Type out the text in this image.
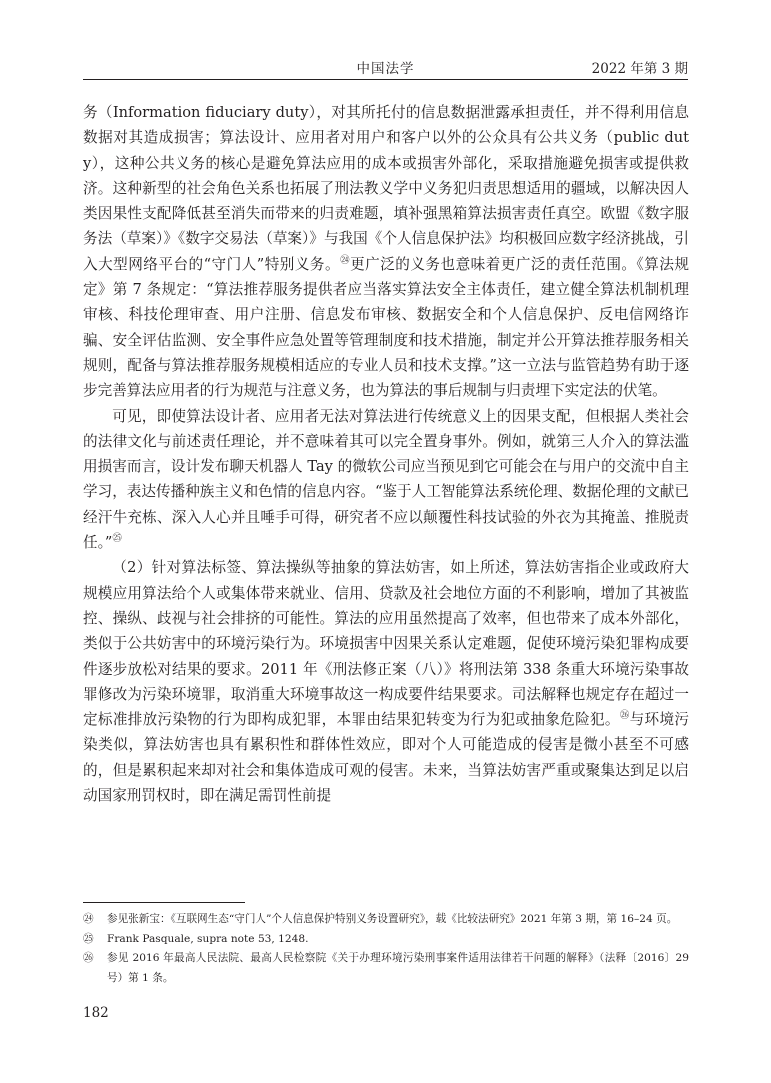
中国法学	2022 年第 3 期

务（Information fiduciary duty），对其所托付的信息数据泄露承担责任，并不得利用信息数据对其造成损害；算法设计、应用者对用户和客户以外的公众具有公共义务（public duty），这种公共义务的核心是避免算法应用的成本或损害外部化，采取措施避免损害或提供救济。这种新型的社会角色关系也拓展了刑法教义学中义务犯归责思想适用的疆域，以解决因人类因果性支配降低甚至消失而带来的归责难题，填补强黑箱算法损害责任真空。欧盟《数字服务法（草案）》《数字交易法（草案）》与我国《个人信息保护法》均积极回应数字经济挑战，引入大型网络平台的“守门人”特别义务。$^㉔$更广泛的义务也意味着更广泛的责任范围。《算法规定》第 7 条规定：“算法推荐服务提供者应当落实算法安全主体责任，建立健全算法机制机理审核、科技伦理审查、用户注册、信息发布审核、数据安全和个人信息保护、反电信网络诈骗、安全评估监测、安全事件应急处置等管理制度和技术措施，制定并公开算法推荐服务相关规则，配备与算法推荐服务规模相适应的专业人员和技术支撑。”这一立法与监管趋势有助于逐步完善算法应用者的行为规范与注意义务，也为算法的事后规制与归责埋下实定法的伏笔。

可见，即使算法设计者、应用者无法对算法进行传统意义上的因果支配，但根据人类社会的法律文化与前述责任理论，并不意味着其可以完全置身事外。例如，就第三人介入的算法滥用损害而言，设计发布聊天机器人 Tay 的微软公司应当预见到它可能会在与用户的交流中自主学习，表达传播种族主义和色情的信息内容。“鉴于人工智能算法系统伦理、数据伦理的文献已经汗牛充栋、深入人心并且唾手可得，研究者不应以颠覆性科技试验的外衣为其掩盖、推脱责任。”$^㉕$

（2）针对算法标签、算法操纵等抽象的算法妨害，如上所述，算法妨害指企业或政府大规模应用算法给个人或集体带来就业、信用、贷款及社会地位方面的不利影响，增加了其被监控、操纵、歧视与社会排挤的可能性。算法的应用虽然提高了效率，但也带来了成本外部化，类似于公共妨害中的环境污染行为。环境损害中因果关系认定难题，促使环境污染犯罪构成要件逐步放松对结果的要求。2011 年《刑法修正案（八）》将刑法第 338 条重大环境污染事故罪修改为污染环境罪，取消重大环境事故这一构成要件结果要求。司法解释也规定存在超过一定标准排放污染物的行为即构成犯罪，本罪由结果犯转变为行为犯或抽象危险犯。$^㉖$与环境污染类似，算法妨害也具有累积性和群体性效应，即对个人可能造成的侵害是微小甚至不可感的，但是累积起来却对社会和集体造成可观的侵害。未来，当算法妨害严重或聚集达到足以启动国家刑罚权时，即在满足需罚性前提

㉔ 参见张新宝：《互联网生态“守门人”个人信息保护特别义务设置研究》，载《比较法研究》2021 年第 3 期，第 16–24 页。

㉕ Frank Pasquale, supra note 53, 1248.

㉖ 参见 2016 年最高人民法院、最高人民检察院《关于办理环境污染刑事案件适用法律若干问题的解释》（法释〔2016〕29 号）第 1 条。

182
